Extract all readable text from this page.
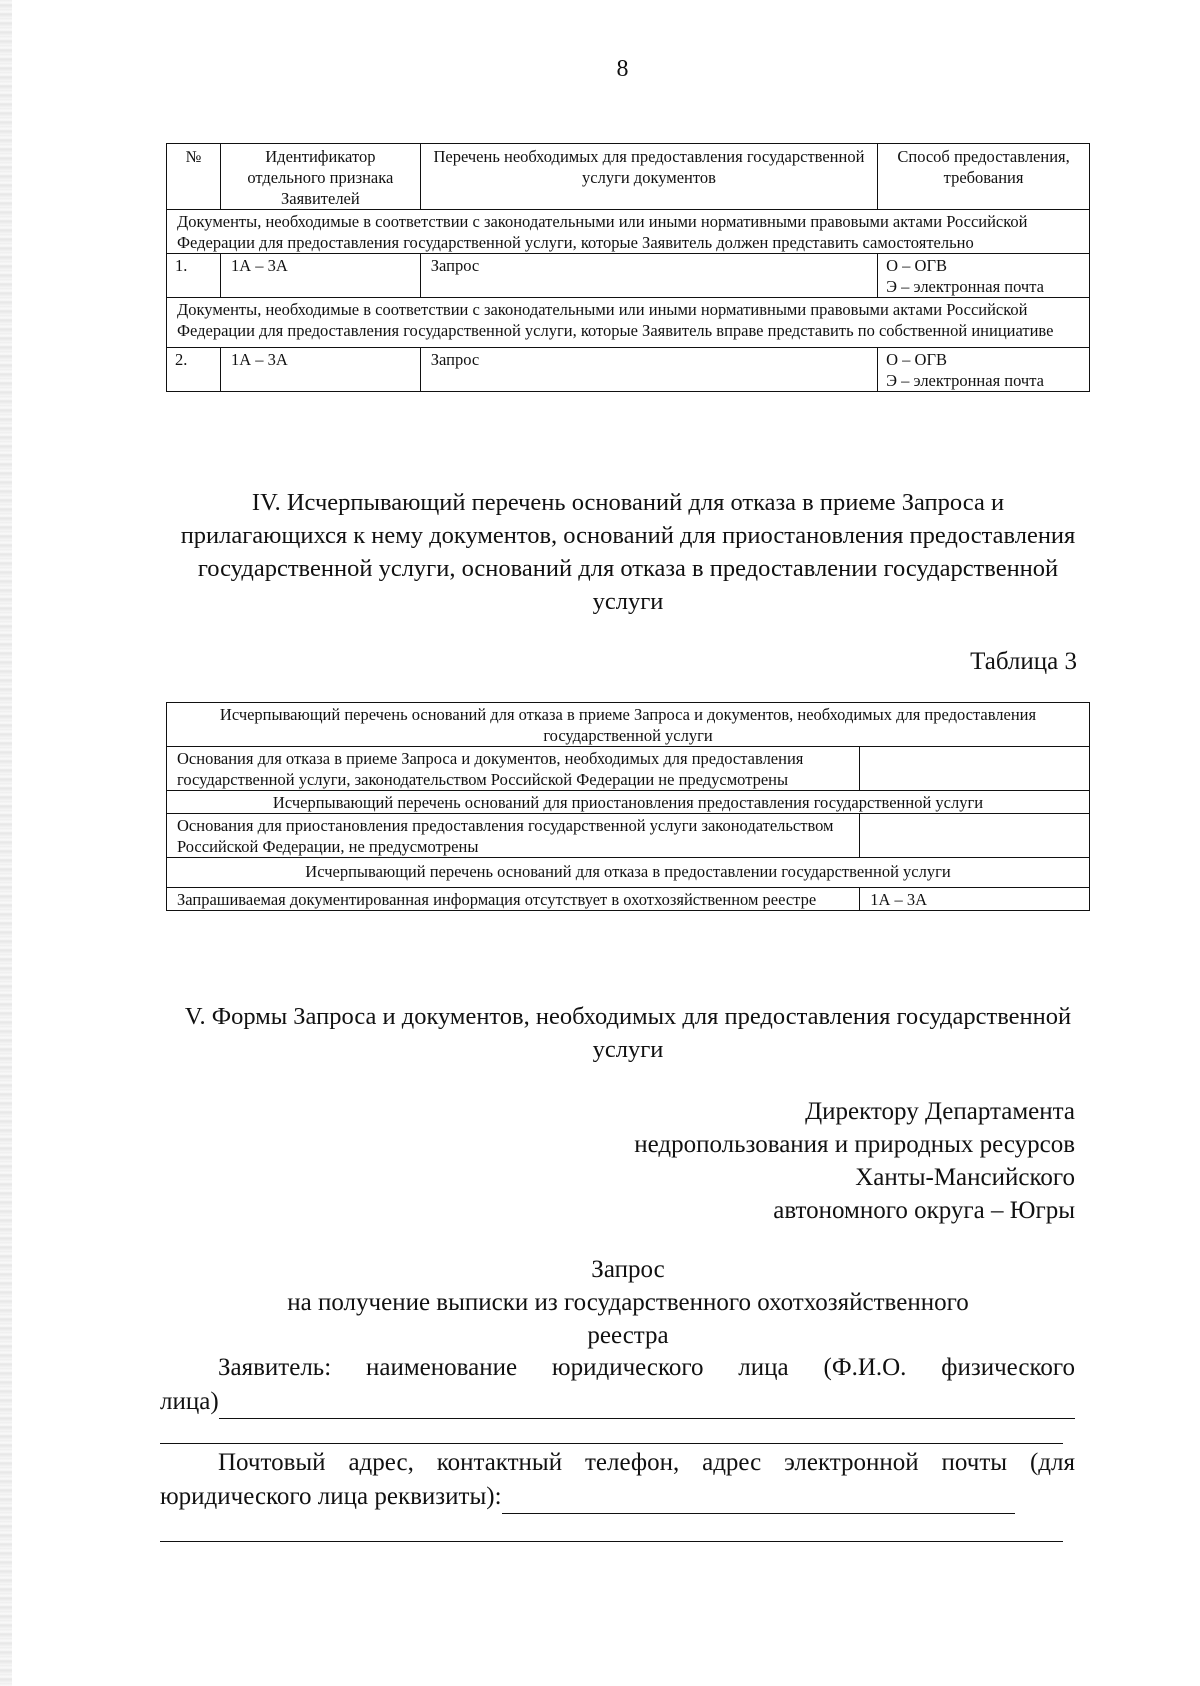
8
№	Идентификатор отдельного признака Заявителей	Перечень необходимых для предоставления государственной услуги документов	Способ предоставления, требования
Документы, необходимые в соответствии с законодательными или иными нормативными правовыми актами Российской Федерации для предоставления государственной услуги, которые Заявитель должен представить самостоятельно			
1.	1А – 3А	Запрос	О – ОГВ
Э – электронная почта

Документы, необходимые в соответствии с законодательными или иными нормативными правовыми актами Российской Федерации для предоставления государственной услуги, которые Заявитель вправе представить по собственной инициативе			
2.	1А – 3А	Запрос	О – ОГВ
Э – электронная почта
IV. Исчерпывающий перечень оснований для отказа в приеме Запроса и прилагающихся к нему документов, оснований для приостановления предоставления государственной услуги, оснований для отказа в предоставлении государственной услуги
Таблица 3
Исчерпывающий перечень оснований для отказа в приеме Запроса и документов, необходимых для предоставления государственной услуги	
Основания для отказа в приеме Запроса и документов, необходимых для предоставления государственной услуги, законодательством Российской Федерации не предусмотрены	
Исчерпывающий перечень оснований для приостановления предоставления государственной услуги	
Основания для приостановления предоставления государственной услуги законодательством Российской Федерации, не предусмотрены	
Исчерпывающий перечень оснований для отказа в предоставлении государственной услуги	
Запрашиваемая документированная информация отсутствует в охотхозяйственном реестре	1А – 3А
V. Формы Запроса и документов, необходимых для предоставления государственной услуги
Директору Департамента
недропользования и природных ресурсов
Ханты-Мансийского
автономного округа – Югры
Запрос
на получение выписки из государственного охотхозяйственного реестра
Заявитель: наименование юридического лица (Ф.И.О. физического
лица)
Почтовый адрес, контактный телефон, адрес электронной почты (для
юридического лица реквизиты):
